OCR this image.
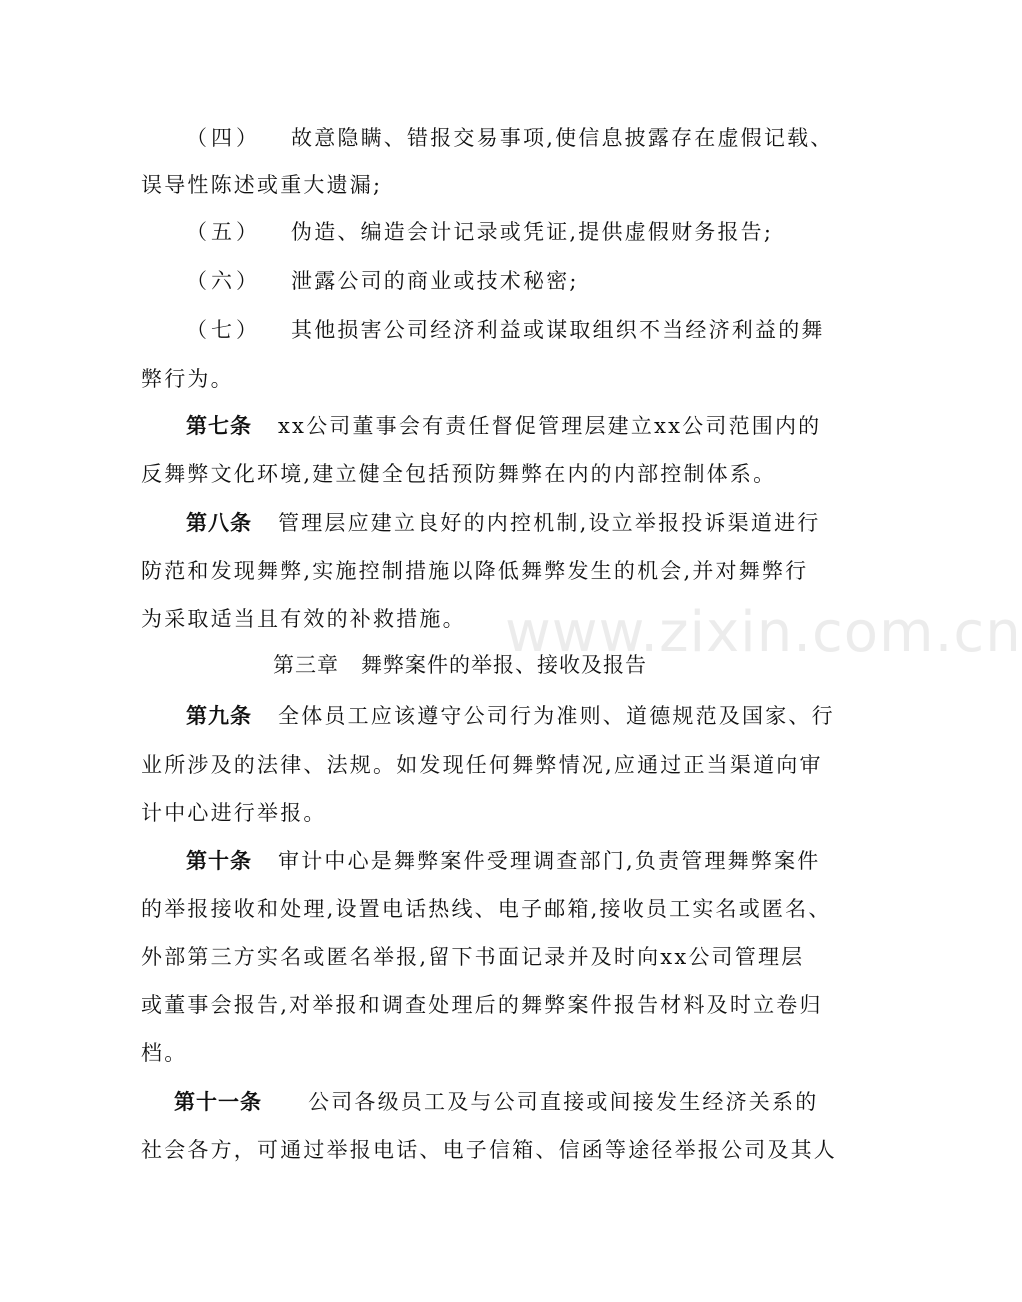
www.zixin.com.cn
（四） 故意隐瞒、错报交易事项,使信息披露存在虚假记载、
误导性陈述或重大遗漏;
（五） 伪造、编造会计记录或凭证,提供虚假财务报告;
（六） 泄露公司的商业或技术秘密;
（七） 其他损害公司经济利益或谋取组织不当经济利益的舞
弊行为。
第七条 xx公司董事会有责任督促管理层建立xx公司范围内的
反舞弊文化环境,建立健全包括预防舞弊在内的内部控制体系。
第八条 管理层应建立良好的内控机制,设立举报投诉渠道进行
防范和发现舞弊,实施控制措施以降低舞弊发生的机会,并对舞弊行
为采取适当且有效的补救措施。
第三章 舞弊案件的举报、接收及报告
第九条 全体员工应该遵守公司行为准则、道德规范及国家、行
业所涉及的法律、法规。如发现任何舞弊情况,应通过正当渠道向审
计中心进行举报。
第十条 审计中心是舞弊案件受理调查部门,负责管理舞弊案件
的举报接收和处理,设置电话热线、电子邮箱,接收员工实名或匿名、
外部第三方实名或匿名举报,留下书面记录并及时向xx公司管理层
或董事会报告,对举报和调查处理后的舞弊案件报告材料及时立卷归
档。
第十一条 公司各级员工及与公司直接或间接发生经济关系的
社会各方，可通过举报电话、电子信箱、信函等途径举报公司及其人
